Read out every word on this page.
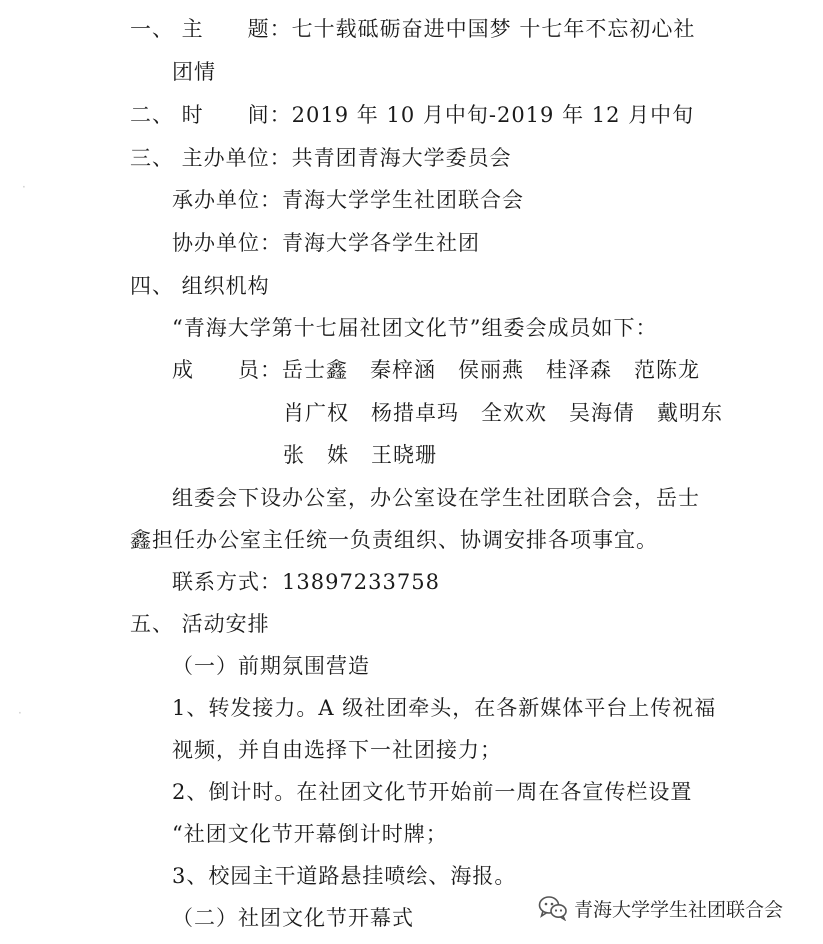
一、 主　　题：七十载砥砺奋进中国梦 十七年不忘初心社
团情
二、 时　　间：2019 年 10 月中旬-2019 年 12 月中旬
三、 主办单位：共青团青海大学委员会
承办单位：青海大学学生社团联合会
协办单位：青海大学各学生社团
四、 组织机构
“青海大学第十七届社团文化节”组委会成员如下：
成　　员：岳士鑫　秦梓涵　侯丽燕　桂泽森　范陈龙
肖广权　杨措卓玛　全欢欢　吴海倩　戴明东
张　姝　王晓珊
组委会下设办公室，办公室设在学生社团联合会，岳士
鑫担任办公室主任统一负责组织、协调安排各项事宜。
联系方式：13897233758
五、 活动安排
（一）前期氛围营造
1、转发接力。A 级社团牵头，在各新媒体平台上传祝福
视频，并自由选择下一社团接力；
2、倒计时。在社团文化节开始前一周在各宣传栏设置
“社团文化节开幕倒计时牌；
3、校园主干道路悬挂喷绘、海报。
（二）社团文化节开幕式
·
·
青海大学学生社团联合会
